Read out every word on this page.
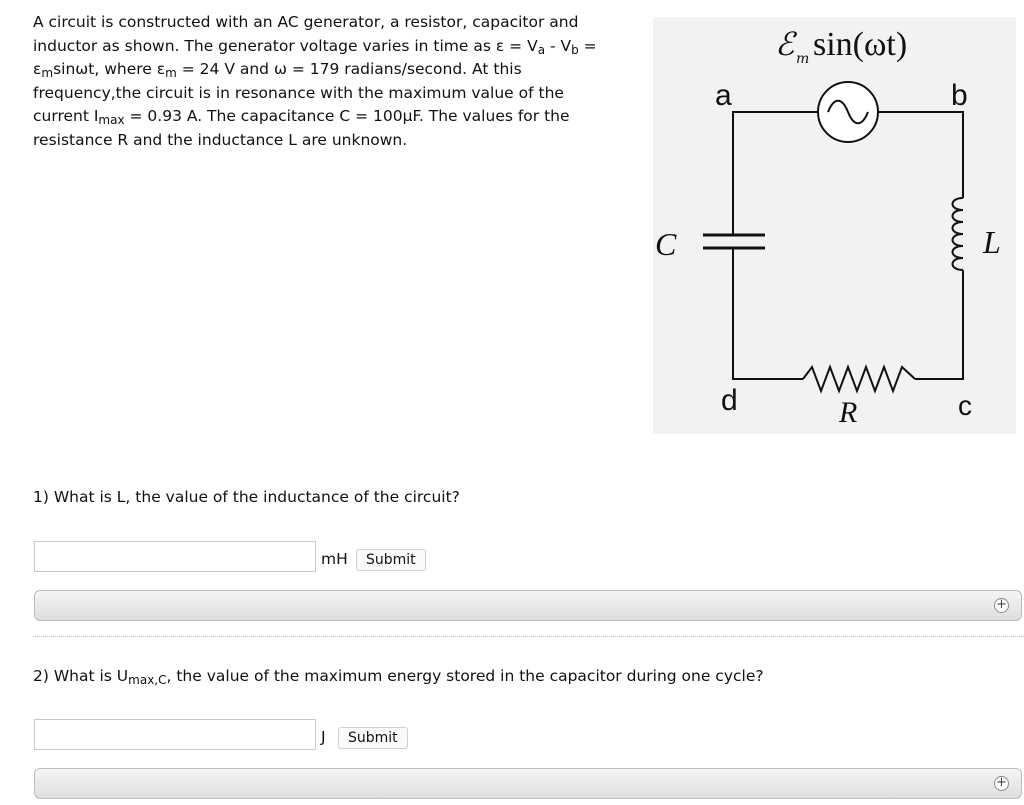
A circuit is constructed with an AC generator, a resistor, capacitor and
inductor as shown. The generator voltage varies in time as $\varepsilon = V_a - V_b$ =
$\varepsilon_m\sin\omega t$, where $\varepsilon_m = 24$ V and ω = 179 radians/second. At this
frequency,the circuit is in resonance with the maximum value of the
current $I_{max} = 0.93$ A. The capacitance C = 100μF. The values for the
resistance R and the inductance L are unknown.
ℰ m sin(ωt)
a	b
c
d
C	L
R
1) What is L, the value of the inductance of the circuit?
mH	Submit
+
2) What is $U_{max,C}$, the value of the maximum energy stored in the capacitor during one cycle?
J	Submit
+
